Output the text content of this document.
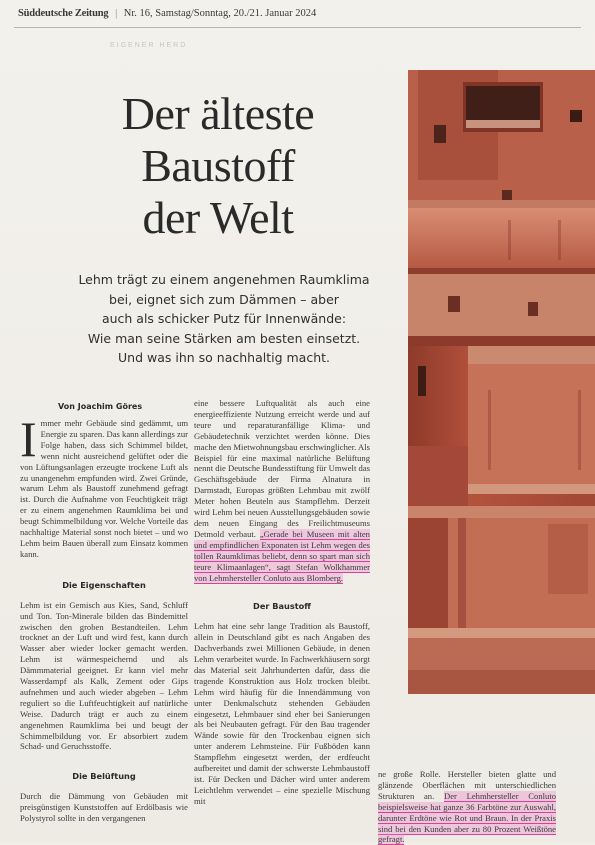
Süddeutsche Zeitung | Nr. 16, Samstag/Sonntag, 20./21. Januar 2024
EIGENER HERD
Der älteste
Baustoff
der Welt
Lehm trägt zu einem angenehmen Raumklima
bei, eignet sich zum Dämmen – aber
auch als schicker Putz für Innenwände:
Wie man seine Stärken am besten einsetzt.
Und was ihn so nachhaltig macht.
Von Joachim Göres

Immer mehr Gebäude sind gedämmt, um Energie zu sparen. Das kann allerdings zur Folge haben, dass sich Schimmel bildet, wenn nicht ausreichend gelüftet oder die von Lüftungsanlagen erzeugte trockene Luft als zu unangenehm empfunden wird. Zwei Gründe, warum Lehm als Baustoff zunehmend gefragt ist. Durch die Aufnahme von Feuchtigkeit trägt er zu einem angenehmen Raumklima bei und beugt Schimmelbildung vor. Welche Vorteile das nachhaltige Material sonst noch bietet – und wo Lehm beim Bauen überall zum Einsatz kommen kann.

Die Eigenschaften

Lehm ist ein Gemisch aus Kies, Sand, Schluff und Ton. Ton-Minerale bilden das Bindemittel zwischen den groben Bestandteilen. Lehm trocknet an der Luft und wird fest, kann durch Wasser aber wieder locker gemacht werden. Lehm ist wärmespeichernd und als Dämmmaterial geeignet. Er kann viel mehr Wasserdampf als Kalk, Zement oder Gips aufnehmen und auch wieder abgeben – Lehm reguliert so die Luftfeuchtigkeit auf natürliche Weise. Dadurch trägt er auch zu einem angenehmen Raumklima bei und beugt der Schimmelbildung vor. Er absorbiert zudem Schad- und Geruchsstoffe.

Die Belüftung

Durch die Dämmung von Gebäuden mit preisgünstigen Kunststoffen auf Erdölbasis wie Polystyrol sollte in den vergangenen

eine bessere Luftqualität als auch eine energieeffiziente Nutzung erreicht werde und auf teure und reparaturanfällige Klima- und Gebäudetechnik verzichtet werden könne. Dies mache den Mietwohnungsbau erschwinglicher. Als Beispiel für eine maximal natürliche Belüftung nennt die Deutsche Bundesstiftung für Umwelt das Geschäftsgebäude der Firma Alnatura in Darmstadt, Europas größten Lehmbau mit zwölf Meter hohen Beuteln aus Stampflehm. Derzeit wird Lehm bei neuen Ausstellungsgebäuden sowie dem neuen Eingang des Freilichtmuseums Detmold verbaut. „Gerade bei Museen mit alten und empfindlichen Exponaten ist Lehm wegen des tollen Raumklimas beliebt, denn so spart man sich teure Klimaanlagen“, sagt Stefan Wolkhammer von Lehmhersteller Conluto aus Blomberg.

Der Baustoff

Lehm hat eine sehr lange Tradition als Baustoff, allein in Deutschland gibt es nach Angaben des Dachverbands zwei Millionen Gebäude, in denen Lehm verarbeitet wurde. In Fachwerkhäusern sorgt das Material seit Jahrhunderten dafür, dass die tragende Konstruktion aus Holz trocken bleibt. Lehm wird häufig für die Innendämmung von unter Denkmalschutz stehenden Gebäuden eingesetzt, Lehmbauer sind eher bei Sanierungen als bei Neubauten gefragt. Für den Bau tragender Wände sowie für den Trockenbau eignen sich unter anderem Lehmsteine. Für Fußböden kann Stampflehm eingesetzt werden, der erdfeucht aufbereitet und damit der schwerste Lehmbaustoff ist. Für Decken und Dächer wird unter anderem Leichtlehm verwendet – eine spezielle Mischung mit

ne große Rolle. Hersteller bieten glatte und glänzende Oberflächen mit unterschiedlichen Strukturen an. Der Lehmhersteller Conluto beispielsweise hat ganze 36 Farbtöne zur Auswahl, darunter Erdtöne wie Rot und Braun. In der Praxis sind bei den Kunden aber zu 80 Prozent Weißtöne gefragt.
